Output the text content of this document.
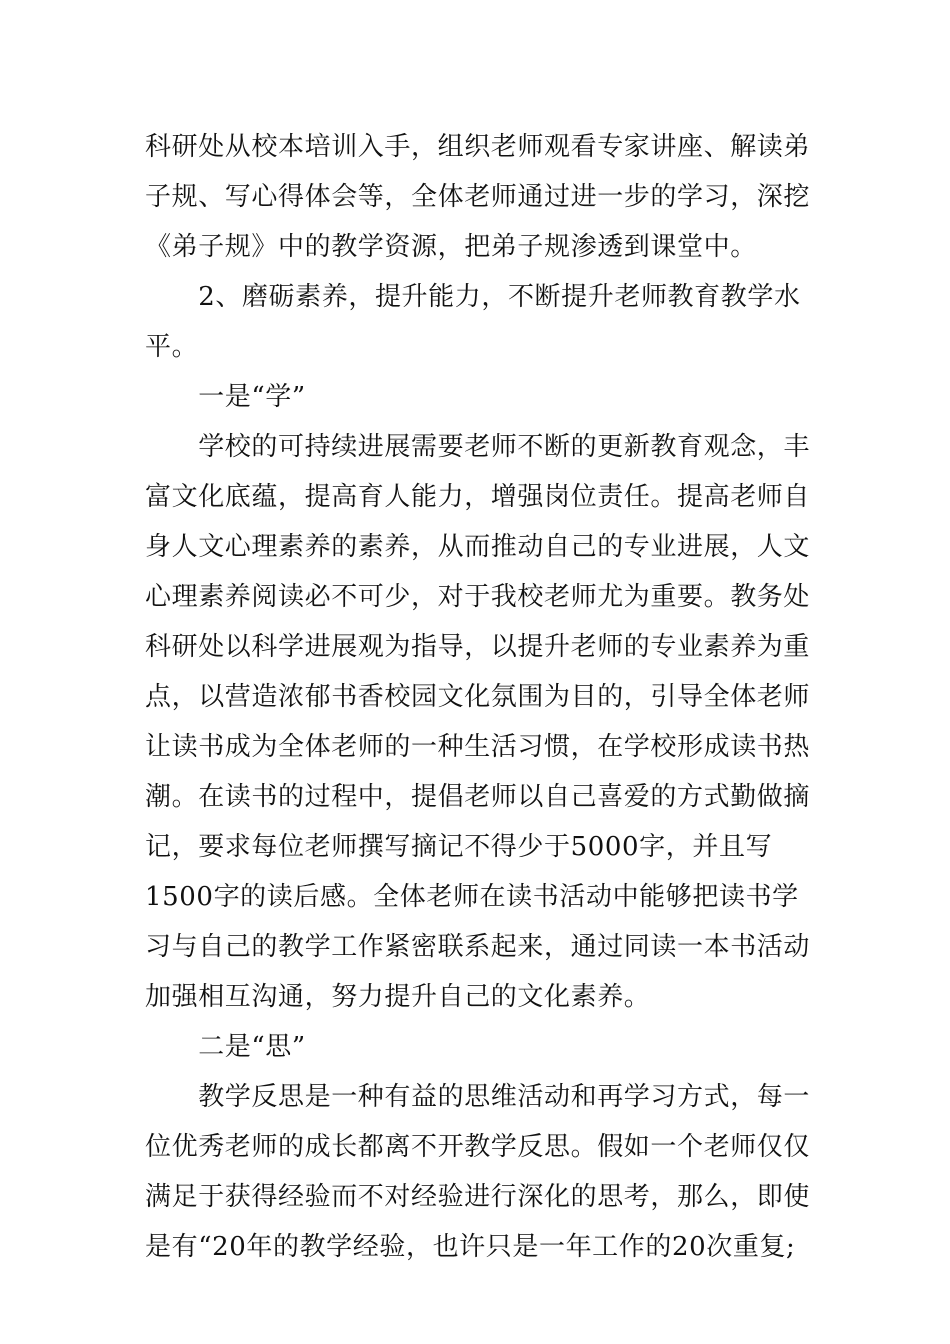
科研处从校本培训入手，组织老师观看专家讲座、解读弟子规、写心得体会等，全体老师通过进一步的学习，深挖《弟子规》中的教学资源，把弟子规渗透到课堂中。

　　2、磨砺素养，提升能力，不断提升老师教育教学水平。

　　一是“学”

　　学校的可持续进展需要老师不断的更新教育观念，丰富文化底蕴，提高育人能力，增强岗位责任。提高老师自身人文心理素养的素养，从而推动自己的专业进展，人文心理素养阅读必不可少，对于我校老师尤为重要。教务处科研处以科学进展观为指导，以提升老师的专业素养为重点，以营造浓郁书香校园文化氛围为目的，引导全体老师让读书成为全体老师的一种生活习惯，在学校形成读书热潮。在读书的过程中，提倡老师以自己喜爱的方式勤做摘记，要求每位老师撰写摘记不得少于5000字，并且写1500字的读后感。全体老师在读书活动中能够把读书学习与自己的教学工作紧密联系起来，通过同读一本书活动加强相互沟通，努力提升自己的文化素养。

　　二是“思”

　　教学反思是一种有益的思维活动和再学习方式，每一位优秀老师的成长都离不开教学反思。假如一个老师仅仅满足于获得经验而不对经验进行深化的思考，那么，即使是有“20年的教学经验，也许只是一年工作的20次重复;
